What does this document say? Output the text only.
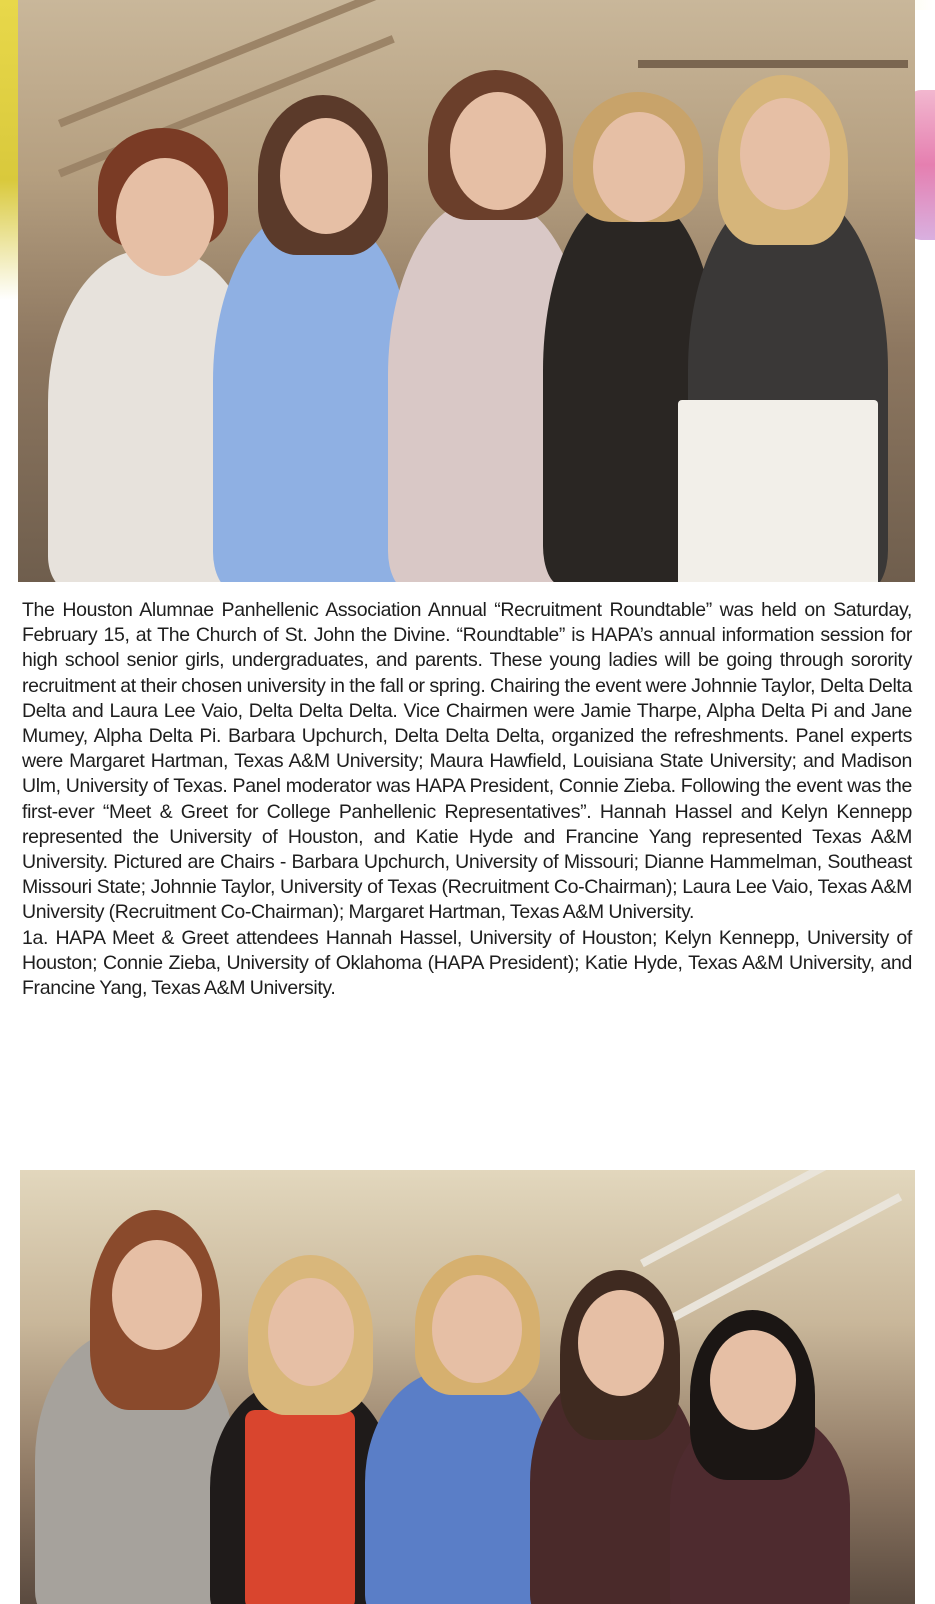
The Houston Alumnae Panhellenic Association Annual “Recruitment Roundtable” was held on Saturday, February 15, at The Church of St. John the Divine. “Roundtable” is HAPA’s annual information session for high school senior girls, undergraduates, and parents. These young ladies will be going through sorority recruitment at their chosen university in the fall or spring. Chairing the event were Johnnie Taylor, Delta Delta Delta and Laura Lee Vaio, Delta Delta Delta. Vice Chairmen were Jamie Tharpe, Alpha Delta Pi and Jane Mumey, Alpha Delta Pi. Barbara Upchurch, Delta Delta Delta, organized the refreshments. Panel experts were Margaret Hartman, Texas A&M University; Maura Hawfield, Louisiana State University; and Madison Ulm, University of Texas. Panel moderator was HAPA President, Connie Zieba. Following the event was the first-ever “Meet & Greet for College Panhellenic Representatives”. Hannah Hassel and Kelyn Kennepp represented the University of Houston, and Katie Hyde and Francine Yang represented Texas A&M University. Pictured are Chairs - Barbara Upchurch, University of Missouri; Dianne Hammelman, Southeast Missouri State; Johnnie Taylor, University of Texas (Recruitment Co-Chairman); Laura Lee Vaio, Texas A&M University (Recruitment Co-Chairman); Margaret Hartman, Texas A&M University.

1a. HAPA Meet & Greet attendees Hannah Hassel, University of Houston; Kelyn Kennepp, University of Houston; Connie Zieba, University of Oklahoma (HAPA President); Katie Hyde, Texas A&M University, and Francine Yang, Texas A&M University.
